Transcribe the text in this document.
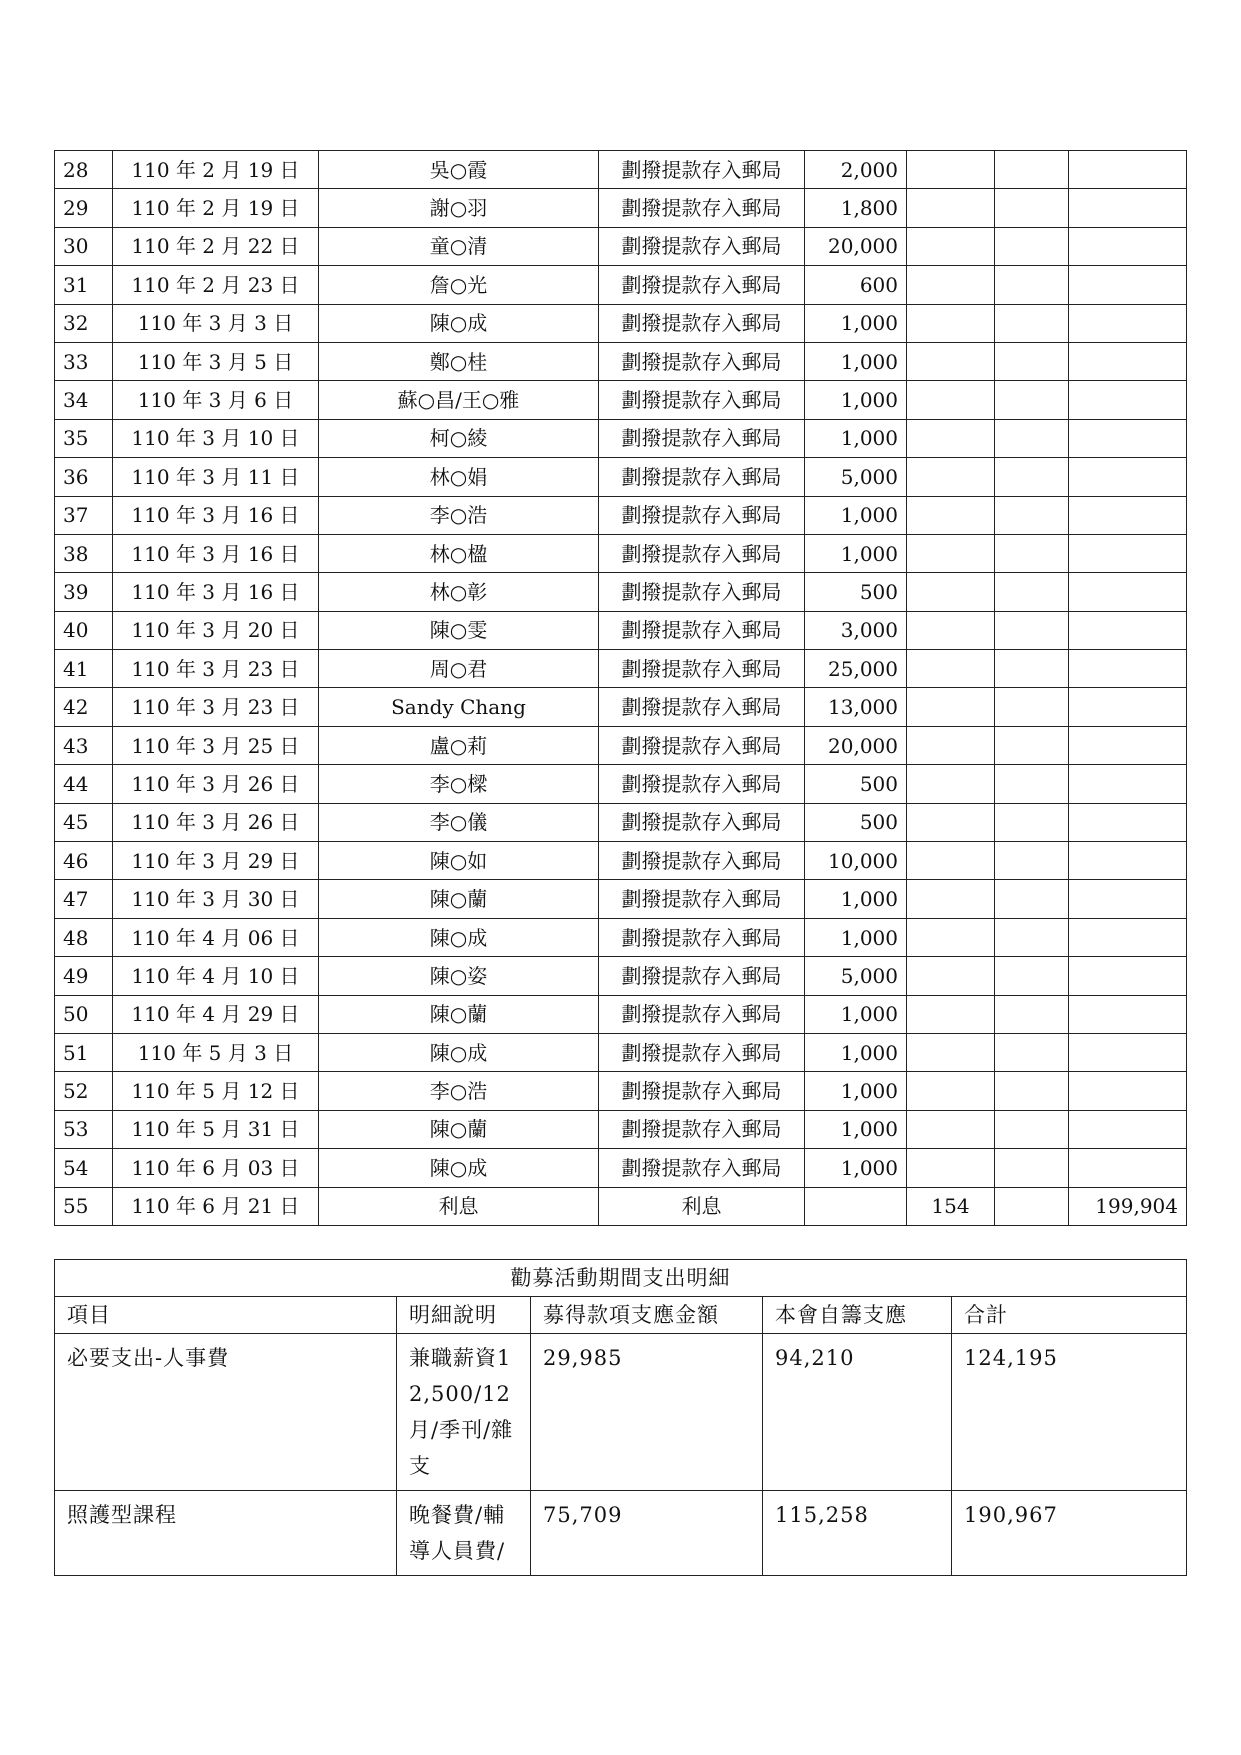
28	110 年 2 月 19 日	吳○霞	劃撥提款存入郵局	2,000			
29	110 年 2 月 19 日	謝○羽	劃撥提款存入郵局	1,800			
30	110 年 2 月 22 日	童○清	劃撥提款存入郵局	20,000			
31	110 年 2 月 23 日	詹○光	劃撥提款存入郵局	600			
32	110 年 3 月 3 日	陳○成	劃撥提款存入郵局	1,000			
33	110 年 3 月 5 日	鄭○桂	劃撥提款存入郵局	1,000			
34	110 年 3 月 6 日	蘇○昌/王○雅	劃撥提款存入郵局	1,000			
35	110 年 3 月 10 日	柯○綾	劃撥提款存入郵局	1,000			
36	110 年 3 月 11 日	林○娟	劃撥提款存入郵局	5,000			
37	110 年 3 月 16 日	李○浩	劃撥提款存入郵局	1,000			
38	110 年 3 月 16 日	林○楹	劃撥提款存入郵局	1,000			
39	110 年 3 月 16 日	林○彰	劃撥提款存入郵局	500			
40	110 年 3 月 20 日	陳○雯	劃撥提款存入郵局	3,000			
41	110 年 3 月 23 日	周○君	劃撥提款存入郵局	25,000			
42	110 年 3 月 23 日	Sandy Chang	劃撥提款存入郵局	13,000			
43	110 年 3 月 25 日	盧○莉	劃撥提款存入郵局	20,000			
44	110 年 3 月 26 日	李○樑	劃撥提款存入郵局	500			
45	110 年 3 月 26 日	李○儀	劃撥提款存入郵局	500			
46	110 年 3 月 29 日	陳○如	劃撥提款存入郵局	10,000			
47	110 年 3 月 30 日	陳○蘭	劃撥提款存入郵局	1,000			
48	110 年 4 月 06 日	陳○成	劃撥提款存入郵局	1,000			
49	110 年 4 月 10 日	陳○姿	劃撥提款存入郵局	5,000			
50	110 年 4 月 29 日	陳○蘭	劃撥提款存入郵局	1,000			
51	110 年 5 月 3 日	陳○成	劃撥提款存入郵局	1,000			
52	110 年 5 月 12 日	李○浩	劃撥提款存入郵局	1,000			
53	110 年 5 月 31 日	陳○蘭	劃撥提款存入郵局	1,000			
54	110 年 6 月 03 日	陳○成	劃撥提款存入郵局	1,000			
55	110 年 6 月 21 日	利息	利息		154		199,904
勸募活動期間支出明細				
項目	明細說明	募得款項支應金額	本會自籌支應	合計
必要支出-人事費	兼職薪資12,500/12月/季刊/雜支	29,985	94,210	124,195
照護型課程	晚餐費/輔導人員費/	75,709	115,258	190,967
